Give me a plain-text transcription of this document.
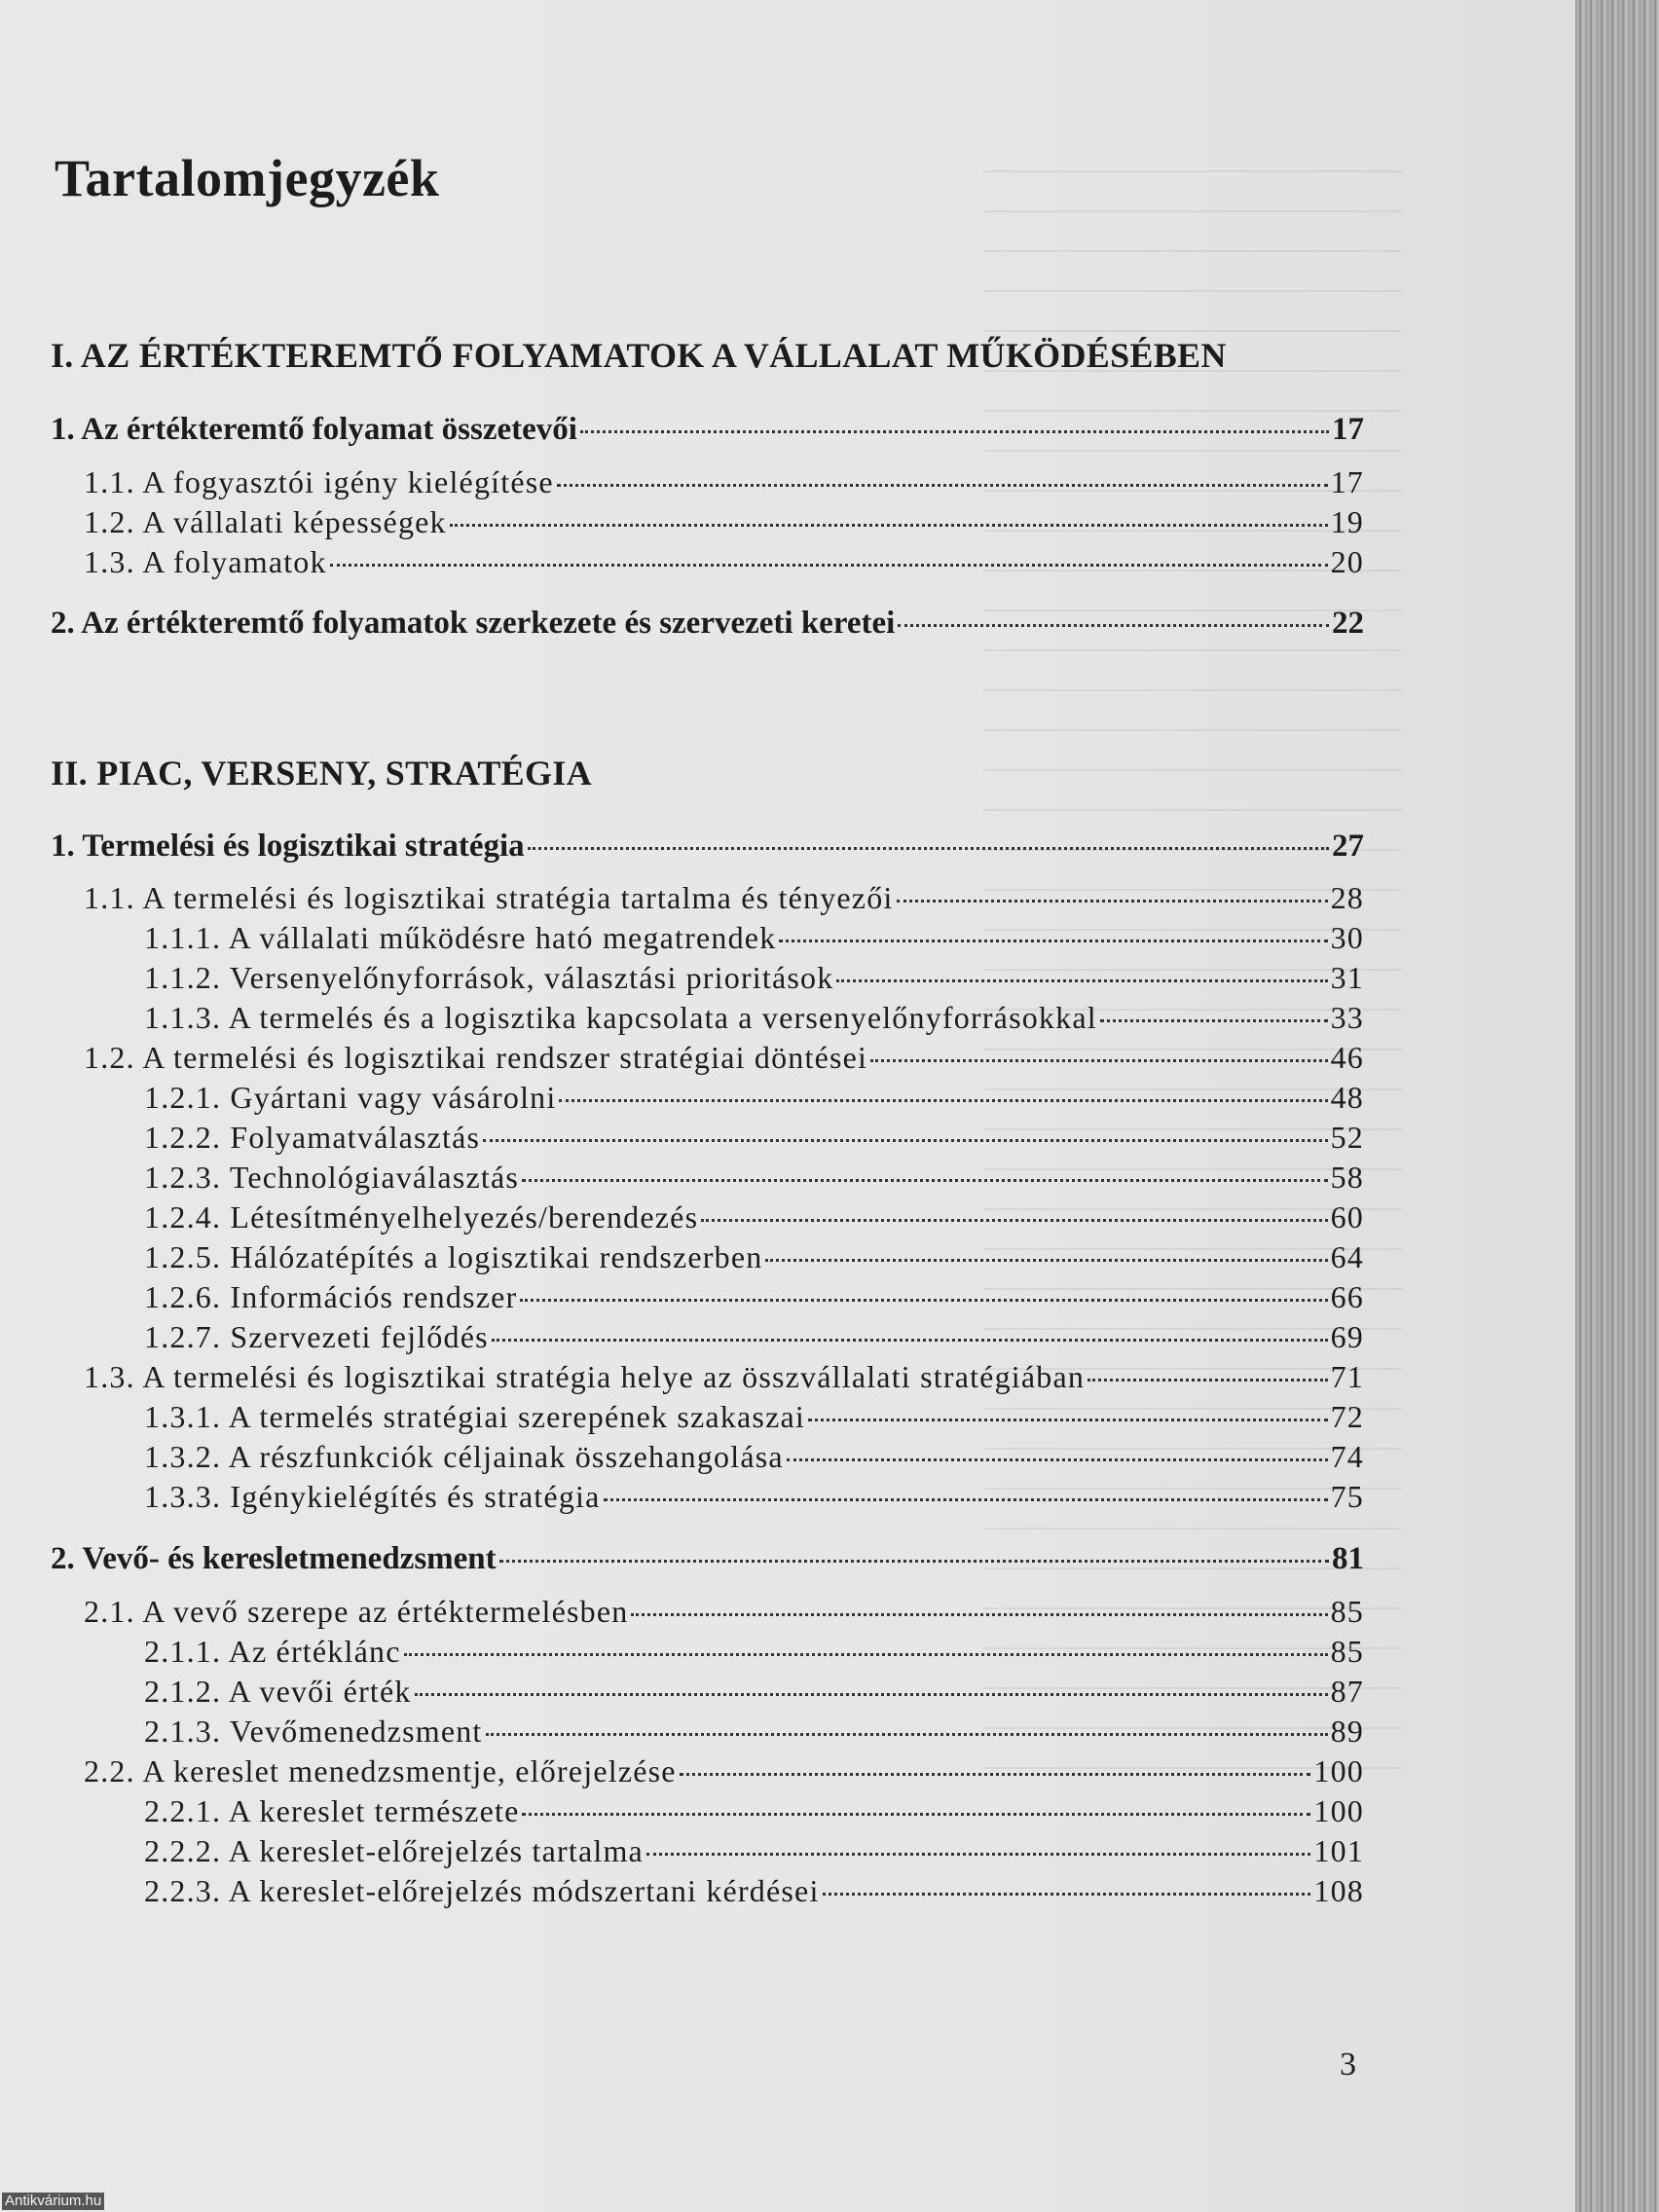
Tartalomjegyzék
I. AZ ÉRTÉKTEREMTŐ FOLYAMATOK A VÁLLALAT MŰKÖDÉSÉBEN
1. Az értékteremtő folyamat összetevői	17
1.1. A fogyasztói igény kielégítése	17
1.2. A vállalati képességek	19
1.3. A folyamatok	20
2. Az értékteremtő folyamatok szerkezete és szervezeti keretei	22
II. PIAC, VERSENY, STRATÉGIA
1. Termelési és logisztikai stratégia	27
1.1. A termelési és logisztikai stratégia tartalma és tényezői	28
1.1.1. A vállalati működésre ható megatrendek	30
1.1.2. Versenyelőnyforrások, választási prioritások	31
1.1.3. A termelés és a logisztika kapcsolata a versenyelőnyforrásokkal	33
1.2. A termelési és logisztikai rendszer stratégiai döntései	46
1.2.1. Gyártani vagy vásárolni	48
1.2.2. Folyamatválasztás	52
1.2.3. Technológiaválasztás	58
1.2.4. Létesítményelhelyezés/berendezés	60
1.2.5. Hálózatépítés a logisztikai rendszerben	64
1.2.6. Információs rendszer	66
1.2.7. Szervezeti fejlődés	69
1.3. A termelési és logisztikai stratégia helye az összvállalati stratégiában	71
1.3.1. A termelés stratégiai szerepének szakaszai	72
1.3.2. A részfunkciók céljainak összehangolása	74
1.3.3. Igénykielégítés és stratégia	75
2. Vevő- és keresletmenedzsment	81
2.1. A vevő szerepe az értéktermelésben	85
2.1.1. Az értéklánc	85
2.1.2. A vevői érték	87
2.1.3. Vevőmenedzsment	89
2.2. A kereslet menedzsmentje, előrejelzése	100
2.2.1. A kereslet természete	100
2.2.2. A kereslet-előrejelzés tartalma	101
2.2.3. A kereslet-előrejelzés módszertani kérdései	108
3
Antikvárium.hu
